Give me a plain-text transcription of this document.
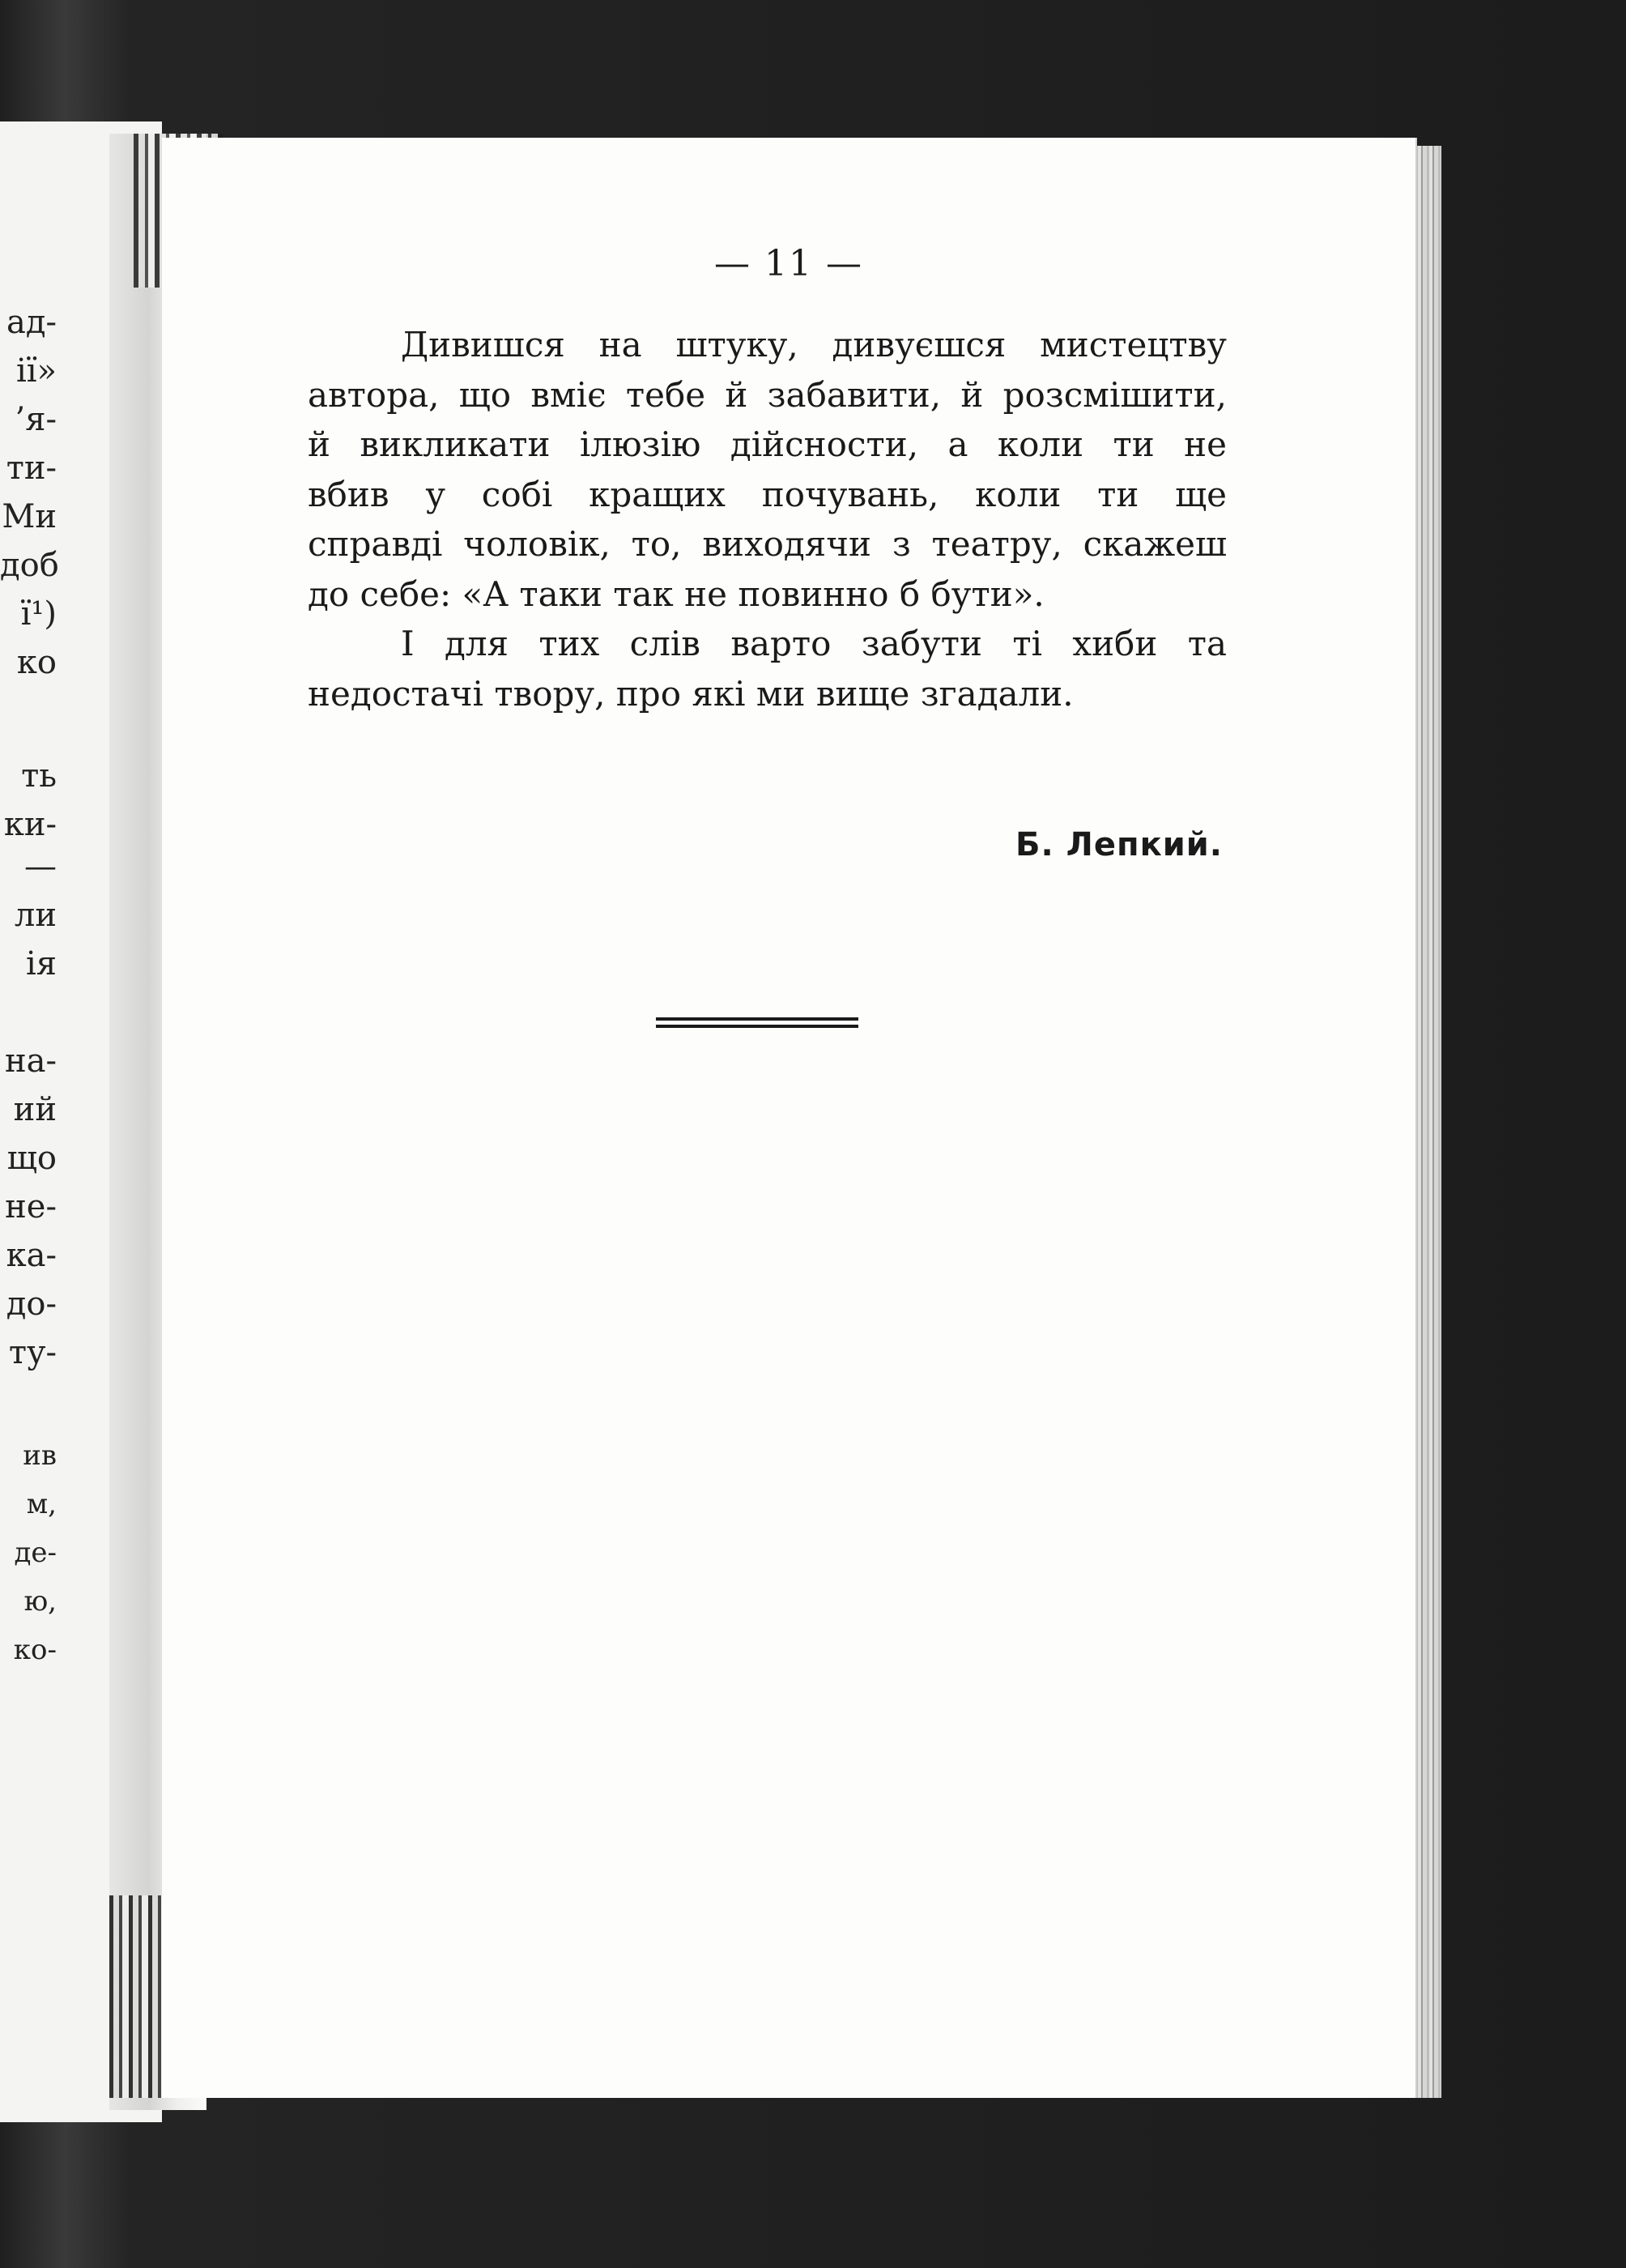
ад-
ії»
’я-
ти-
Ми
доб
ї¹)
ко
ть
ки-
—
ли
ія
на-
ий
що
не-
ка-
до-
ту-
ив
м,
де-
ю,
ко-
— 11 —
Дивишся на штуку, дивуєшся мистецтву
автора, що вміє тебе й забавити, й розсмішити,
й викликати ілюзію дійсности, а коли ти не
вбив у собі кращих почувань, коли ти ще
справді чоловік, то, виходячи з театру, скажеш
до себе: «А таки так не повинно б бути».
І для тих слів варто забути ті хиби та
недостачі твору, про які ми вище згадали.
Б. Лепкий.
